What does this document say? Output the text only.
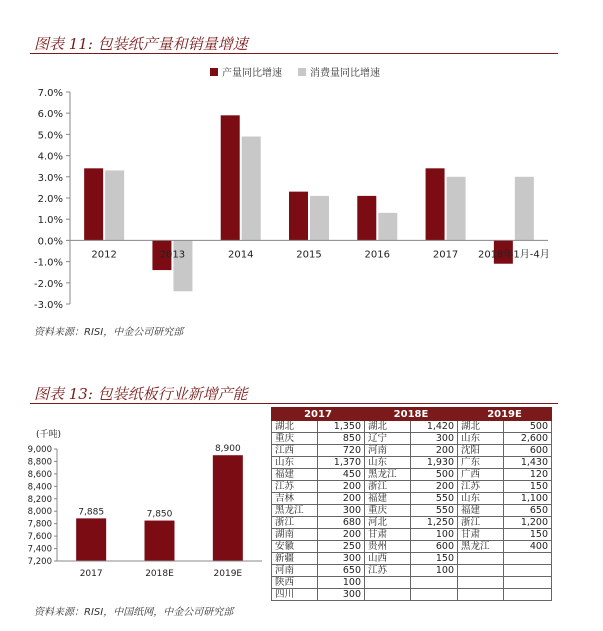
图表 11: 包装纸产量和销量增速
产量同比增速	消费量同比增速
7.0%
6.0%
5.0%
4.0%
3.0%
2.0%
1.0%
0.0%
-1.0%
-2.0%
-3.0%
2012	2013	2014	2015	2016	2017 2018年1月-4月
资料来源：RISI，中金公司研究部
图表 13: 包装纸板行业新增产能
(千吨)
9,000
8,800
8,600
8,400
8,200
8,000
7,800
7,600
7,400
7,200
7,885
2017
7,850
2018E
8,900
2019E
2017		2018E		2019E	
湖北	1,350	湖北	1,420	湖北	500
重庆	850	辽宁	300	山东	2,600
江西	720	河南	200	沈阳	600
山东	1,370	山东	1,930	广东	1,430
福建	450	黑龙江	500	广西	120
江苏	200	浙江	200	江苏	150
吉林	200	福建	550	山东	1,100
黑龙江	300	重庆	550	福建	650
浙江	680	河北	1,250	浙江	1,200
湖南	200	甘肃	100	甘肃	150
安徽	250	贵州	600	黑龙江	400
新疆	300	山西	150		
河南	650	江苏	100		
陕西	100				
四川	300				
资料来源：RISI，中国纸网，中金公司研究部
